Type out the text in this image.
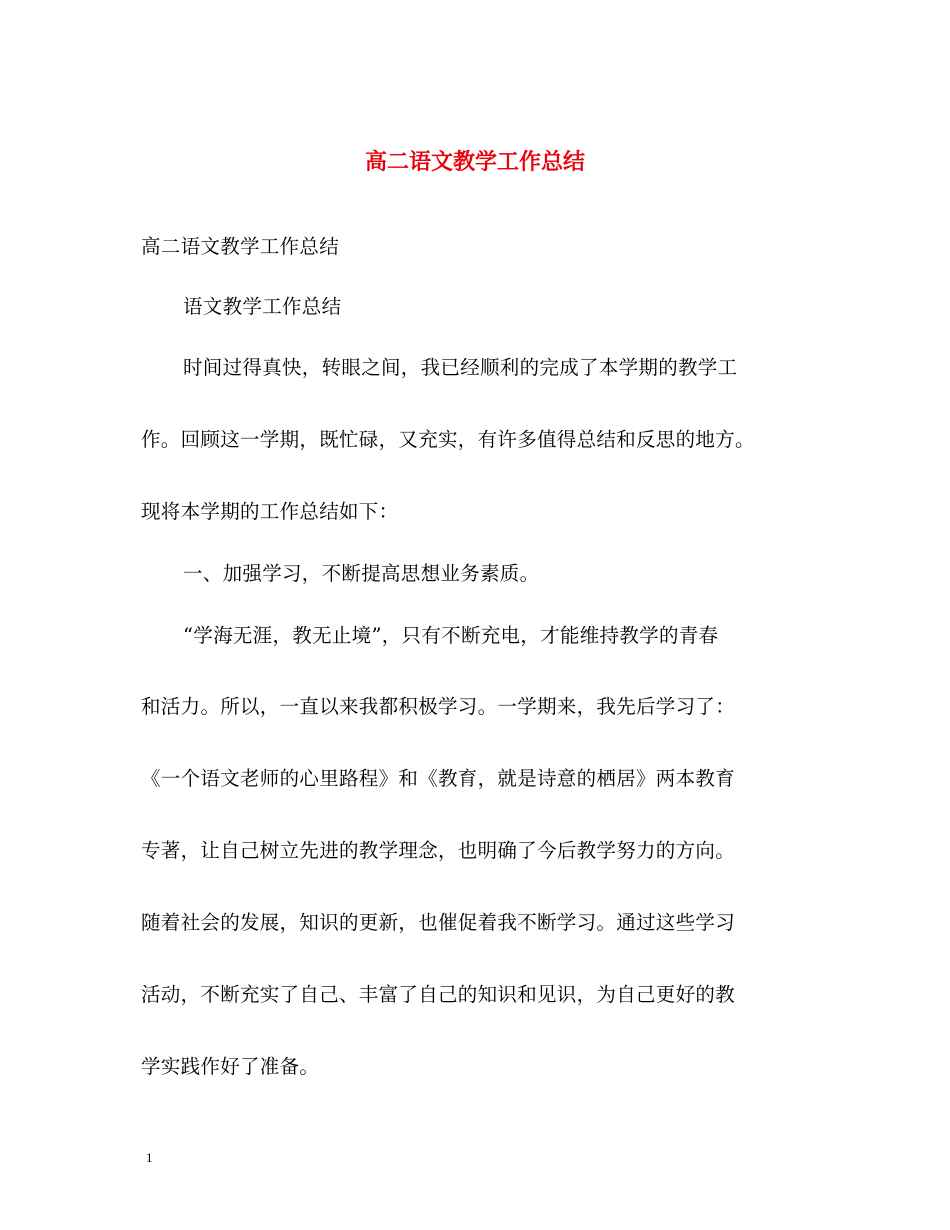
高二语文教学工作总结
高二语文教学工作总结
语文教学工作总结
时间过得真快，转眼之间，我已经顺利的完成了本学期的教学工
作。回顾这一学期，既忙碌，又充实，有许多值得总结和反思的地方。
现将本学期的工作总结如下：
一、加强学习，不断提高思想业务素质。
“学海无涯，教无止境”，只有不断充电，才能维持教学的青春
和活力。所以，一直以来我都积极学习。一学期来，我先后学习了：
《一个语文老师的心里路程》和《教育，就是诗意的栖居》两本教育
专著，让自己树立先进的教学理念，也明确了今后教学努力的方向。
随着社会的发展，知识的更新，也催促着我不断学习。通过这些学习
活动，不断充实了自己、丰富了自己的知识和见识，为自己更好的教
学实践作好了准备。
1
